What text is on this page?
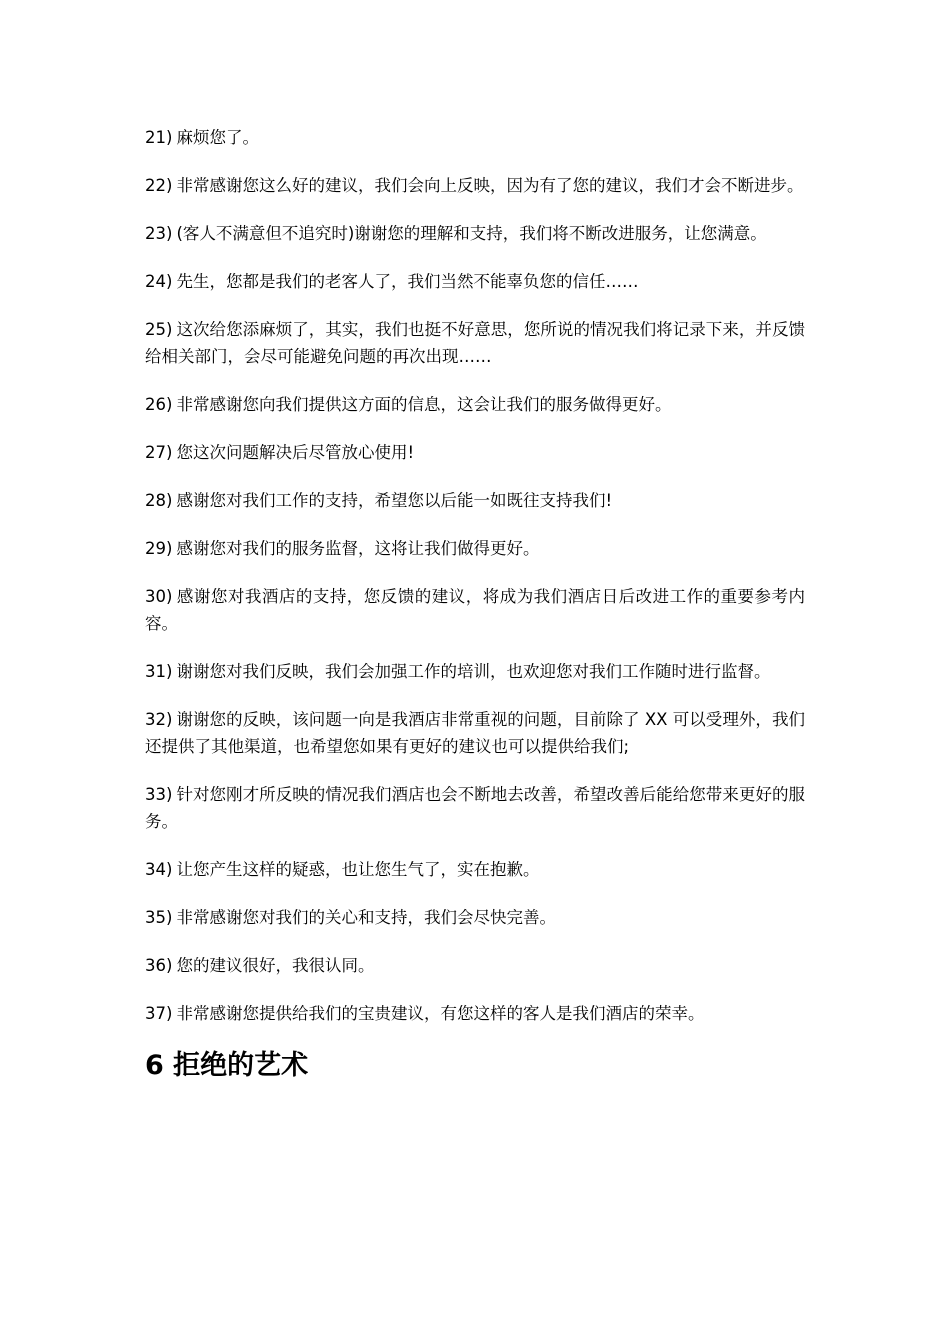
21) 麻烦您了。

22) 非常感谢您这么好的建议，我们会向上反映，因为有了您的建议，我们才会不断进步。

23) (客人不满意但不追究时)谢谢您的理解和支持，我们将不断改进服务，让您满意。

24) 先生，您都是我们的老客人了，我们当然不能辜负您的信任……

25) 这次给您添麻烦了，其实，我们也挺不好意思，您所说的情况我们将记录下来，并反馈给相关部门，会尽可能避免问题的再次出现……

26) 非常感谢您向我们提供这方面的信息，这会让我们的服务做得更好。

27) 您这次问题解决后尽管放心使用!

28) 感谢您对我们工作的支持，希望您以后能一如既往支持我们!

29) 感谢您对我们的服务监督，这将让我们做得更好。

30) 感谢您对我酒店的支持，您反馈的建议，将成为我们酒店日后改进工作的重要参考内容。

31) 谢谢您对我们反映，我们会加强工作的培训，也欢迎您对我们工作随时进行监督。

32) 谢谢您的反映，该问题一向是我酒店非常重视的问题，目前除了 XX 可以受理外，我们还提供了其他渠道，也希望您如果有更好的建议也可以提供给我们;

33) 针对您刚才所反映的情况我们酒店也会不断地去改善，希望改善后能给您带来更好的服务。

34) 让您产生这样的疑惑，也让您生气了，实在抱歉。

35) 非常感谢您对我们的关心和支持，我们会尽快完善。

36) 您的建议很好，我很认同。

37) 非常感谢您提供给我们的宝贵建议，有您这样的客人是我们酒店的荣幸。

6 拒绝的艺术
